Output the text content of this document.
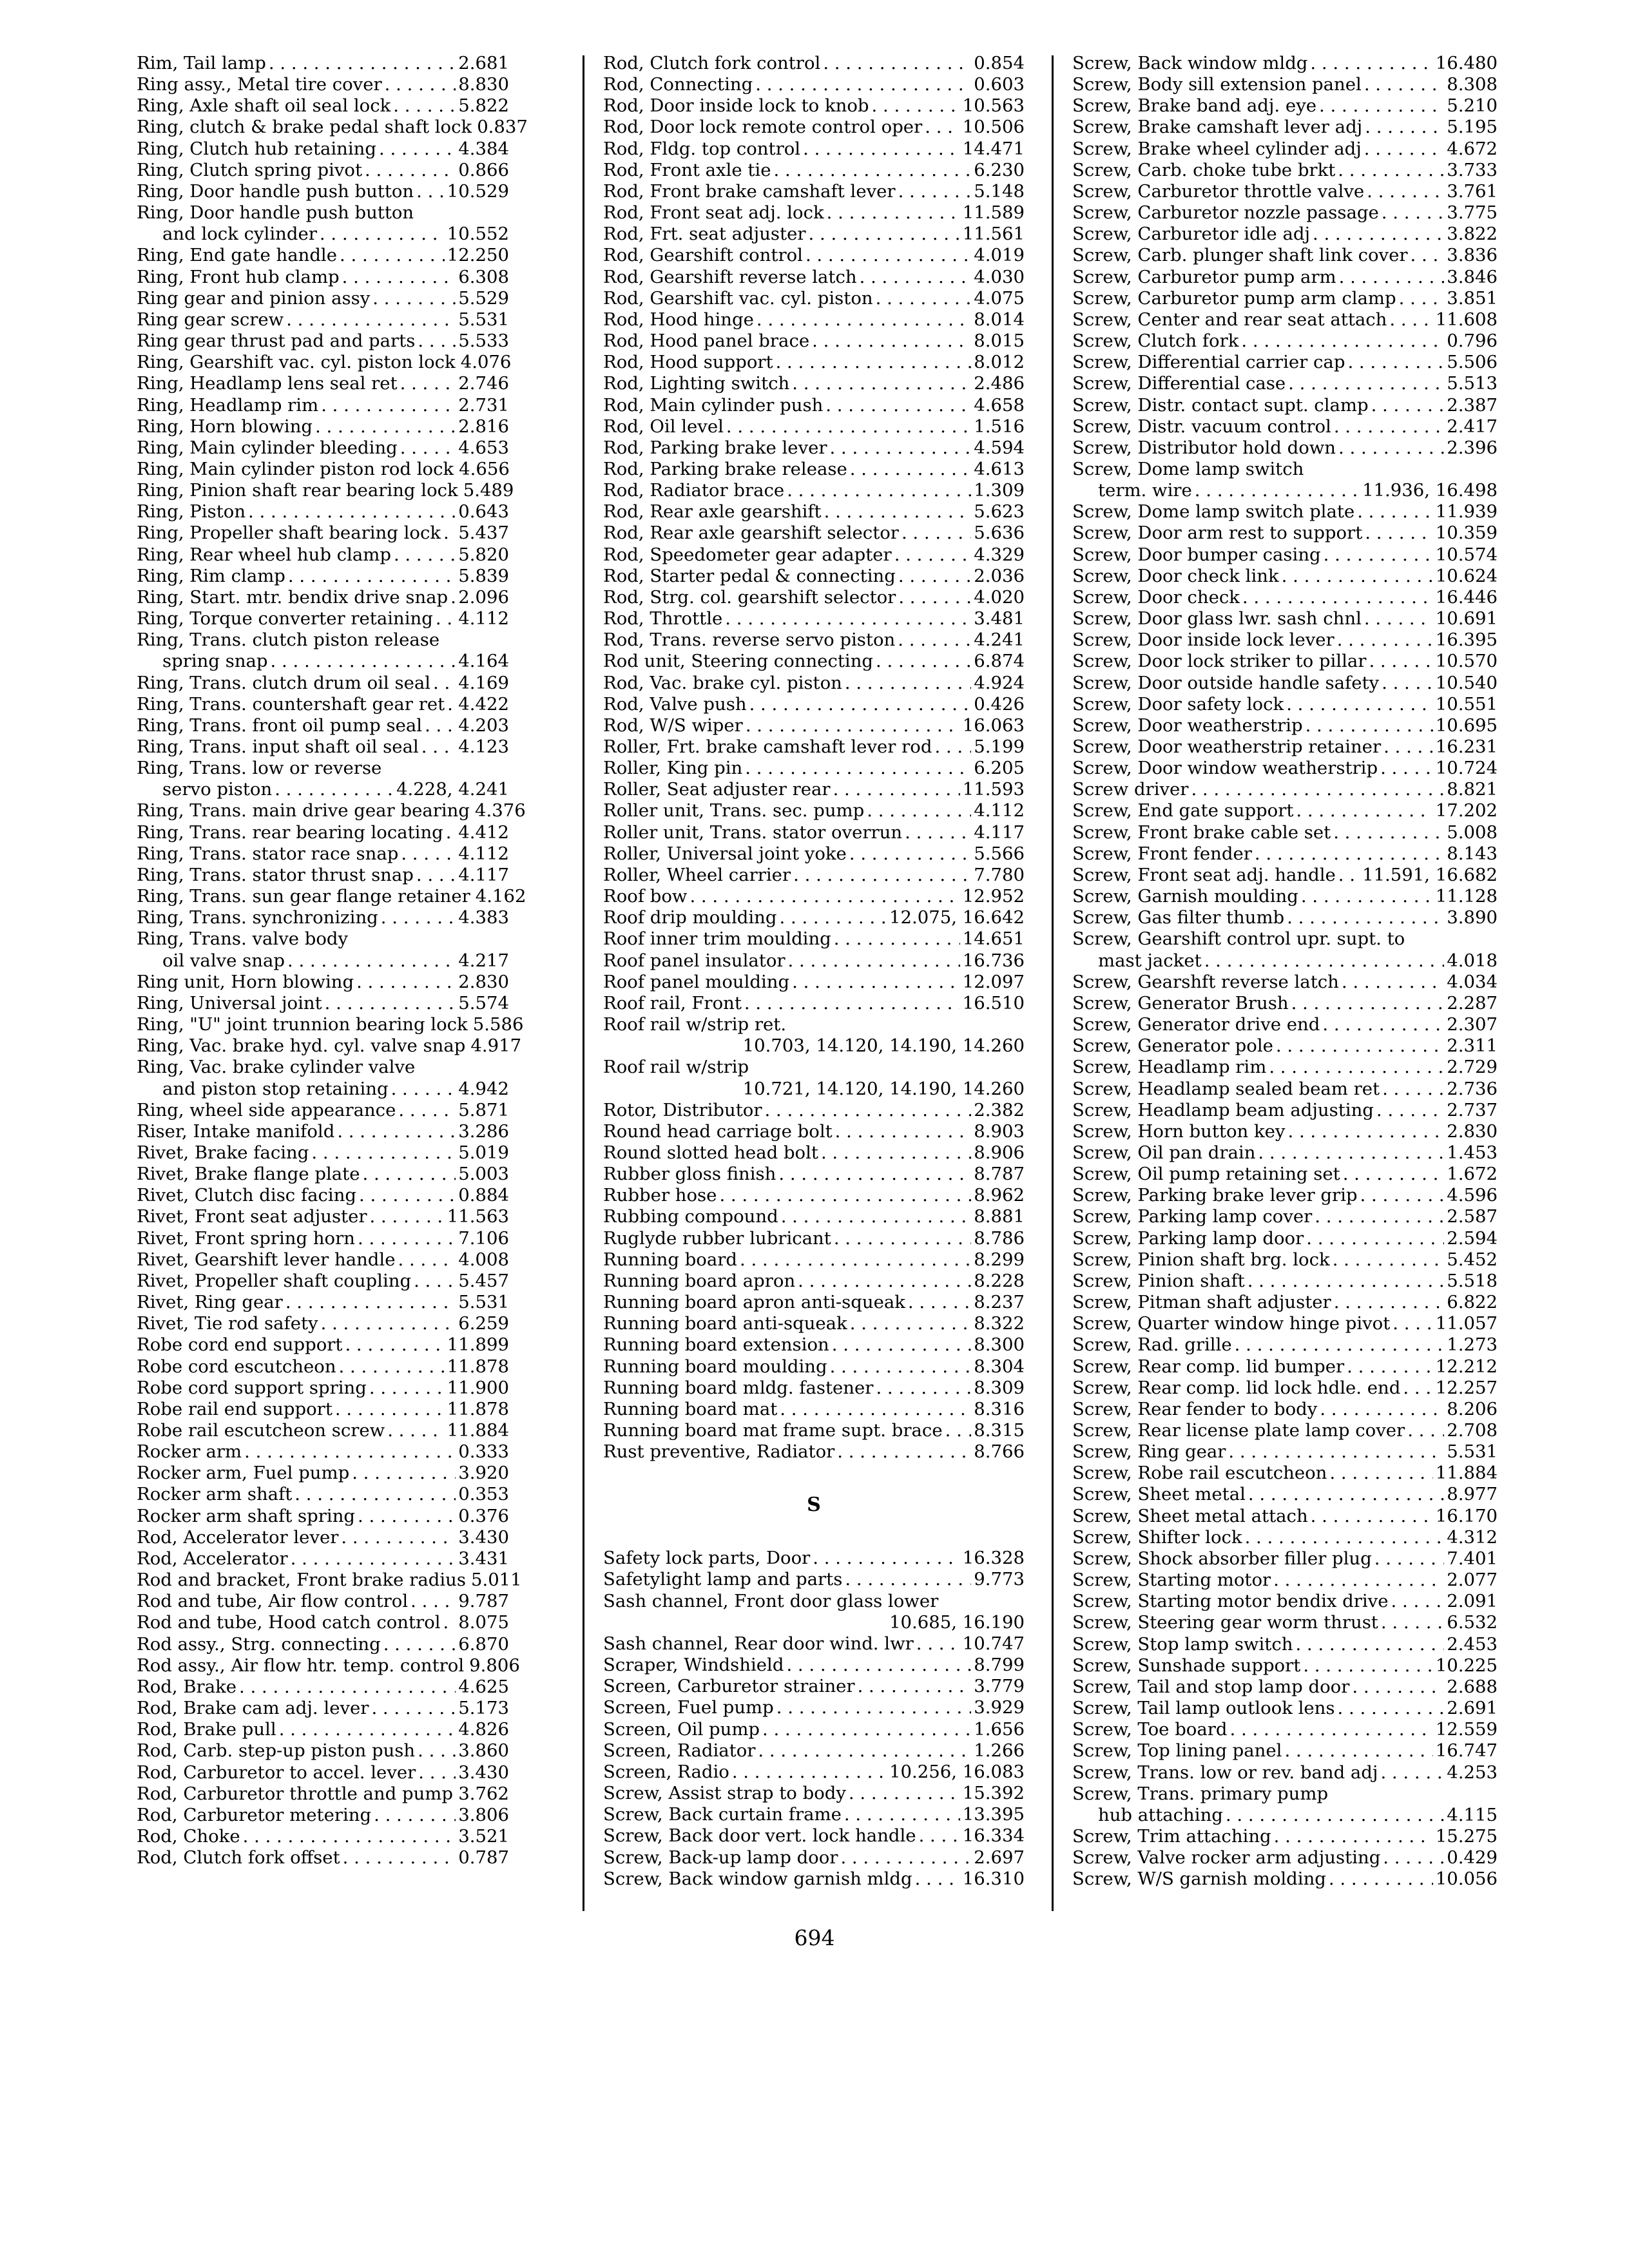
Rim, Tail lamp . . .	2.681
Ring assy., Metal tire cover . . .	8.830
Ring, Axle shaft oil seal lock . . .	5.822
Ring, clutch & brake pedal shaft lock 0.837
Ring, Clutch hub retaining . . .	4.384
Ring, Clutch spring pivot . . .	0.866
Ring, Door handle push button . . . 10.529
Ring, Door handle push button
and lock cylinder . . .	10.552
Ring, End gate handle . . .	12.250
Ring, Front hub clamp . . .	6.308
Ring gear and pinion assy . . .	5.529
Ring gear screw . . .	5.531
Ring gear thrust pad and parts . . . 5.533
Ring, Gearshift vac. cyl. piston lock 4.076
Ring, Headlamp lens seal ret . . .	2.746
Ring, Headlamp rim . . .	2.731
Ring, Horn blowing . . .	2.816
Ring, Main cylinder bleeding . . .	4.653
Ring, Main cylinder piston rod lock 4.656
Ring, Pinion shaft rear bearing lock 5.489
Ring, Piston . . .	0.643
Ring, Propeller shaft bearing lock . . . 5.437
Ring, Rear wheel hub clamp . . .	5.820
Ring, Rim clamp . . .	5.839
Ring, Start. mtr. bendix drive snap . . . 2.096
Ring, Torque converter retaining . . . 4.112
Ring, Trans. clutch piston release
spring snap . . .	4.164
Ring, Trans. clutch drum oil seal . . . 4.169
Ring, Trans. countershaft gear ret . . . 4.422
Ring, Trans. front oil pump seal . . . 4.203
Ring, Trans. input shaft oil seal . . . 4.123
Ring, Trans. low or reverse
servo piston . . .	4.228, 4.241
Ring, Trans. main drive gear bearing 4.376
Ring, Trans. rear bearing locating . . . 4.412
Ring, Trans. stator race snap . . .	4.112
Ring, Trans. stator thrust snap . . .	4.117
Ring, Trans. sun gear flange retainer 4.162
Ring, Trans. synchronizing . . .	4.383
Ring, Trans. valve body
oil valve snap . . .	4.217
Ring unit, Horn blowing . . .	2.830
Ring, Universal joint . . .	5.574
Ring, "U" joint trunnion bearing lock 5.586
Ring, Vac. brake hyd. cyl. valve snap 4.917
Ring, Vac. brake cylinder valve
and piston stop retaining . . .	4.942
Ring, wheel side appearance . . .	5.871
Riser, Intake manifold . . .	3.286
Rivet, Brake facing . . .	5.019
Rivet, Brake flange plate . . .	5.003
Rivet, Clutch disc facing . . .	0.884
Rivet, Front seat adjuster . . .	11.563
Rivet, Front spring horn . . .	7.106
Rivet, Gearshift lever handle . . .	4.008
Rivet, Propeller shaft coupling . . .	5.457
Rivet, Ring gear . . .	5.531
Rivet, Tie rod safety . . .	6.259
Robe cord end support . . .	11.899
Robe cord escutcheon . . .	11.878
Robe cord support spring . . .	11.900
Robe rail end support . . .	11.878
Robe rail escutcheon screw . . .	11.884
Rocker arm . . .	0.333
Rocker arm, Fuel pump . . .	3.920
Rocker arm shaft . . .	0.353
Rocker arm shaft spring . . .	0.376
Rod, Accelerator lever . . .	3.430
Rod, Accelerator . . .	3.431
Rod and bracket, Front brake radius 5.011
Rod and tube, Air flow control . . .	9.787
Rod and tube, Hood catch control . . . 8.075
Rod assy., Strg. connecting . . .	6.870
Rod assy., Air flow htr. temp. control 9.806
Rod, Brake . . .	4.625
Rod, Brake cam adj. lever . . .	5.173
Rod, Brake pull . . .	4.826
Rod, Carb. step-up piston push . . . 3.860
Rod, Carburetor to accel. lever . . . 3.430
Rod, Carburetor throttle and pump . . . 3.762
Rod, Carburetor metering . . .	3.806
Rod, Choke . . .	3.521
Rod, Clutch fork offset . . .	0.787
Rod, Clutch fork control . . .	0.854
Rod, Connecting . . .	0.603
Rod, Door inside lock to knob . . .	10.563
Rod, Door lock remote control oper . . . 10.506
Rod, Fldg. top control . . .	14.471
Rod, Front axle tie . . .	6.230
Rod, Front brake camshaft lever . . .	5.148
Rod, Front seat adj. lock . . .	11.589
Rod, Frt. seat adjuster . . .	11.561
Rod, Gearshift control . . .	4.019
Rod, Gearshift reverse latch . . .	4.030
Rod, Gearshift vac. cyl. piston . . .	4.075
Rod, Hood hinge . . .	8.014
Rod, Hood panel brace . . .	8.015
Rod, Hood support . . .	8.012
Rod, Lighting switch . . .	2.486
Rod, Main cylinder push . . .	4.658
Rod, Oil level . . .	1.516
Rod, Parking brake lever . . .	4.594
Rod, Parking brake release . . .	4.613
Rod, Radiator brace . . .	1.309
Rod, Rear axle gearshift . . .	5.623
Rod, Rear axle gearshift selector . . .	5.636
Rod, Speedometer gear adapter . . .	4.329
Rod, Starter pedal & connecting . . .	2.036
Rod, Strg. col. gearshift selector . . .	4.020
Rod, Throttle . . .	3.481
Rod, Trans. reverse servo piston . . .	4.241
Rod unit, Steering connecting . . .	6.874
Rod, Vac. brake cyl. piston . . .	4.924
Rod, Valve push . . .	0.426
Rod, W/S wiper . . .	16.063
Roller, Frt. brake camshaft lever rod . . . 5.199
Roller, King pin . . .	6.205
Roller, Seat adjuster rear . . .	11.593
Roller unit, Trans. sec. pump . . .	4.112
Roller unit, Trans. stator overrun . . .	4.117
Roller, Universal joint yoke . . .	5.566
Roller, Wheel carrier . . .	7.780
Roof bow . . .	12.952
Roof drip moulding . . .	12.075, 16.642
Roof inner trim moulding . . .	14.651
Roof panel insulator . . .	16.736
Roof panel moulding . . .	12.097
Roof rail, Front . . .	16.510
Roof rail w/strip ret.
10.703, 14.120, 14.190, 14.260
Roof rail w/strip
10.721, 14.120, 14.190, 14.260
Rotor, Distributor . . .	2.382
Round head carriage bolt . . .	8.903
Round slotted head bolt . . .	8.906
Rubber gloss finish . . .	8.787
Rubber hose . . .	8.962
Rubbing compound . . .	8.881
Ruglyde rubber lubricant . . .	8.786
Running board . . .	8.299
Running board apron . . .	8.228
Running board apron anti-squeak . . .	8.237
Running board anti-squeak . . .	8.322
Running board extension . . .	8.300
Running board moulding . . .	8.304
Running board mldg. fastener . . .	8.309
Running board mat . . .	8.316
Running board mat frame supt. brace . . . 8.315
Rust preventive, Radiator . . .	8.766
S
Safety lock parts, Door . . .	16.328
Safetylight lamp and parts . . .	9.773
Sash channel, Front door glass lower
10.685, 16.190
Sash channel, Rear door wind. lwr . . .	10.747
Scraper, Windshield . . .	8.799
Screen, Carburetor strainer . . .	3.779
Screen, Fuel pump . . .	3.929
Screen, Oil pump . . .	1.656
Screen, Radiator . . .	1.266
Screen, Radio . . .	10.256, 16.083
Screw, Assist strap to body . . .	15.392
Screw, Back curtain frame . . .	13.395
Screw, Back door vert. lock handle . . .	16.334
Screw, Back-up lamp door . . .	2.697
Screw, Back window garnish mldg . . .	16.310
Screw, Back window mldg . . .	16.480
Screw, Body sill extension panel . . .	8.308
Screw, Brake band adj. eye . . .	5.210
Screw, Brake camshaft lever adj . . .	5.195
Screw, Brake wheel cylinder adj . . .	4.672
Screw, Carb. choke tube brkt . . .	3.733
Screw, Carburetor throttle valve . . .	3.761
Screw, Carburetor nozzle passage . . .	3.775
Screw, Carburetor idle adj . . .	3.822
Screw, Carb. plunger shaft link cover . . . 3.836
Screw, Carburetor pump arm . . .	3.846
Screw, Carburetor pump arm clamp . . .	3.851
Screw, Center and rear seat attach . . .	11.608
Screw, Clutch fork . . .	0.796
Screw, Differential carrier cap . . .	5.506
Screw, Differential case . . .	5.513
Screw, Distr. contact supt. clamp . . .	2.387
Screw, Distr. vacuum control . . .	2.417
Screw, Distributor hold down . . .	2.396
Screw, Dome lamp switch
term. wire . . .	11.936, 16.498
Screw, Dome lamp switch plate . . .	11.939
Screw, Door arm rest to support . . .	10.359
Screw, Door bumper casing . . .	10.574
Screw, Door check link . . .	10.624
Screw, Door check . . .	16.446
Screw, Door glass lwr. sash chnl . . .	10.691
Screw, Door inside lock lever . . .	16.395
Screw, Door lock striker to pillar . . .	10.570
Screw, Door outside handle safety . . .	10.540
Screw, Door safety lock . . .	10.551
Screw, Door weatherstrip . . .	10.695
Screw, Door weatherstrip retainer . . .	16.231
Screw, Door window weatherstrip . . .	10.724
Screw driver . . .	8.821
Screw, End gate support . . .	17.202
Screw, Front brake cable set . . .	5.008
Screw, Front fender . . .	8.143
Screw, Front seat adj. handle . . . 11.591, 16.682
Screw, Garnish moulding . . .	11.128
Screw, Gas filter thumb . . .	3.890
Screw, Gearshift control upr. supt. to
mast jacket . . .	4.018
Screw, Gearshft reverse latch . . .	4.034
Screw, Generator Brush . . .	2.287
Screw, Generator drive end . . .	2.307
Screw, Generator pole . . .	2.311
Screw, Headlamp rim . . .	2.729
Screw, Headlamp sealed beam ret . . .	2.736
Screw, Headlamp beam adjusting . . .	2.737
Screw, Horn button key . . .	2.830
Screw, Oil pan drain . . .	1.453
Screw, Oil pump retaining set . . .	1.672
Screw, Parking brake lever grip . . .	4.596
Screw, Parking lamp cover . . .	2.587
Screw, Parking lamp door . . .	2.594
Screw, Pinion shaft brg. lock . . .	5.452
Screw, Pinion shaft . . .	5.518
Screw, Pitman shaft adjuster . . .	6.822
Screw, Quarter window hinge pivot . . .	11.057
Screw, Rad. grille . . .	1.273
Screw, Rear comp. lid bumper . . .	12.212
Screw, Rear comp. lid lock hdle. end . . . 12.257
Screw, Rear fender to body . . .	8.206
Screw, Rear license plate lamp cover . . . 2.708
Screw, Ring gear . . .	5.531
Screw, Robe rail escutcheon . . .	11.884
Screw, Sheet metal . . .	8.977
Screw, Sheet metal attach . . .	16.170
Screw, Shifter lock . . .	4.312
Screw, Shock absorber filler plug . . .	7.401
Screw, Starting motor . . .	2.077
Screw, Starting motor bendix drive . . .	2.091
Screw, Steering gear worm thrust . . .	6.532
Screw, Stop lamp switch . . .	2.453
Screw, Sunshade support . . .	10.225
Screw, Tail and stop lamp door . . .	2.688
Screw, Tail lamp outlook lens . . .	2.691
Screw, Toe board . . .	12.559
Screw, Top lining panel . . .	16.747
Screw, Trans. low or rev. band adj . . .	4.253
Screw, Trans. primary pump
hub attaching . . .	4.115
Screw, Trim attaching . . .	15.275
Screw, Valve rocker arm adjusting . . .	0.429
Screw, W/S garnish molding . . .	10.056
694
